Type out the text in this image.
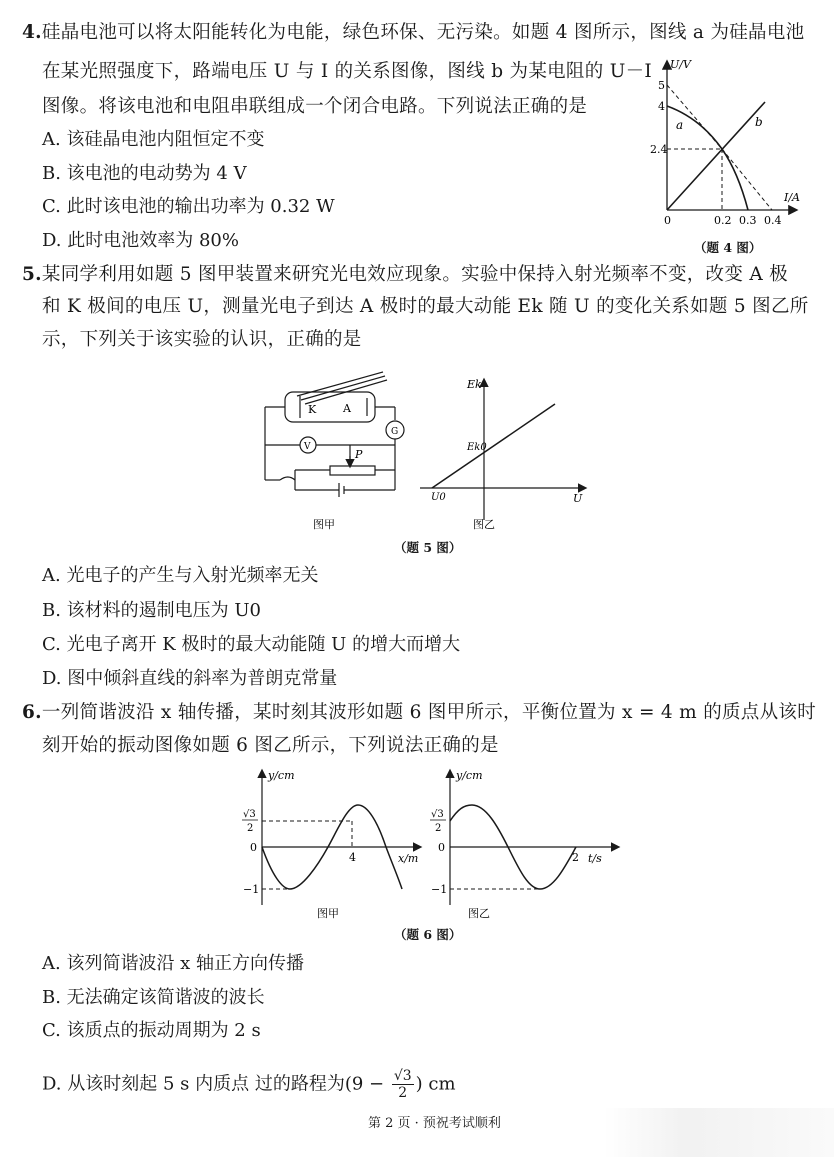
4.硅晶电池可以将太阳能转化为电能，绿色环保、无污染。如题 4 图所示，图线 a 为硅晶电池
在某光照强度下，路端电压 U 与 I 的关系图像，图线 b 为某电阻的 U－I
图像。将该电池和电阻串联组成一个闭合电路。下列说法正确的是
A. 该硅晶电池内阻恒定不变
B. 该电池的电动势为 4 V
C. 此时该电池的输出功率为 0.32 W
D. 此时电池效率为 80%
U/V
I/A
5
4
2.4
0	0.2 0.3 0.4
a	b
（题 4 图）
5.某同学利用如题 5 图甲装置来研究光电效应现象。实验中保持入射光频率不变，改变 A 极
和 K 极间的电压 U，测量光电子到达 A 极时的最大动能 Ek 随 U 的变化关系如题 5 图乙所
示，下列关于该实验的认识，正确的是
K A
V
G
P
图甲
Ek
U
Ek0
U0
图乙
（题 5 图）
A. 光电子的产生与入射光频率无关
B. 该材料的遏制电压为 U0
C. 光电子离开 K 极时的最大动能随 U 的增大而增大
D. 图中倾斜直线的斜率为普朗克常量
6.一列简谐波沿 x 轴传播，某时刻其波形如题 6 图甲所示，平衡位置为 x = 4 m 的质点从该时
刻开始的振动图像如题 6 图乙所示，下列说法正确的是
y/cm
x/m
√3
2
0
−1
4
图甲
y/cm
t/s
√3
2
0
−1
2
图乙
（题 6 图）
A. 该列简谐波沿 x 轴正方向传播
B. 无法确定该简谐波的波长
C. 该质点的振动周期为 2 s
D. 从该时刻起 5 s 内质点 过的路程为($9 - \frac{√3}{2}$ ) cm
第 2 页 · 预祝考试顺利
